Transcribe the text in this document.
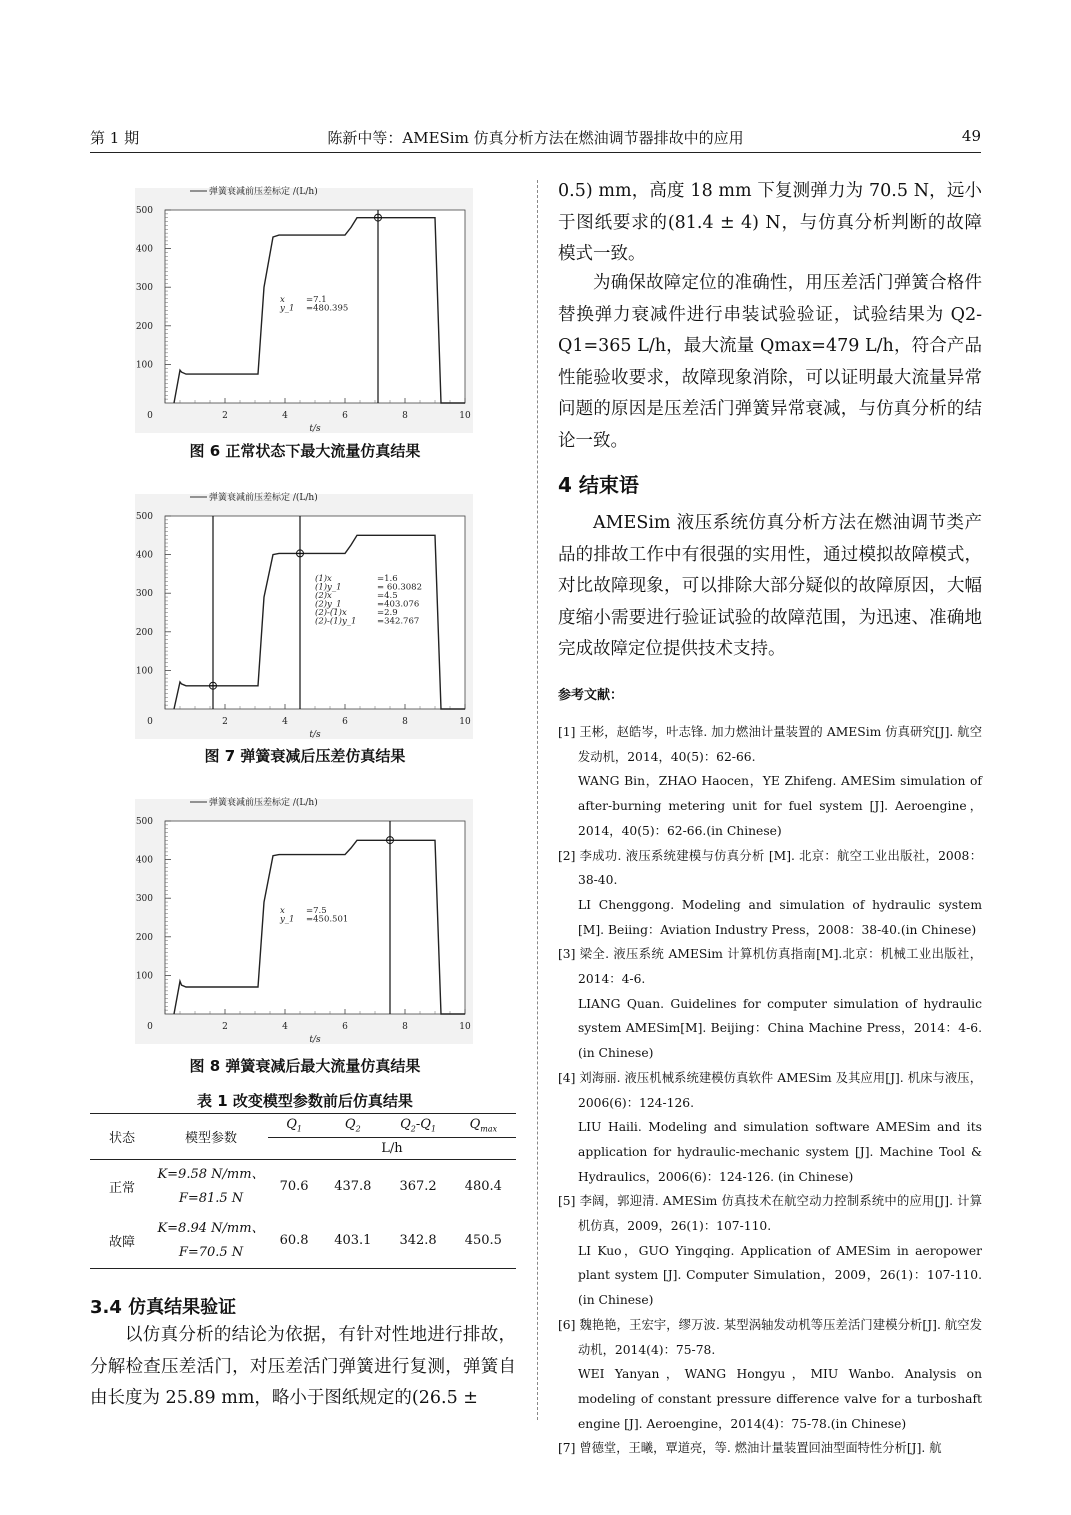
第 1 期	陈新中等：AMESim 仿真分析方法在燃油调节器排故中的应用	49
弹簧衰减前压差标定 /(L/h)
100
200
300
400
500
0	2	4	6	8	10
t/s
x =7.1
y_1 =480.395
图 6 正常状态下最大流量仿真结果
弹簧衰减前压差标定 /(L/h)
100
200
300
400
500
0	2	4	6	8	10
t/s
(1)x	=1.6
(1)y_1	= 60.3082
(2)x	=4.5
(2)y_1	=403.076
(2)-(1)x	=2.9
(2)-(1)y_1 =342.767
图 7 弹簧衰减后压差仿真结果
弹簧衰减前压差标定 /(L/h)
100
200
300
400
500
0	2	4	6	8	10
t/s
x =7.5
y_1 =450.501
图 8 弹簧衰减后最大流量仿真结果
表 1 改变模型参数前后仿真结果
状态	模型参数	$Q_1$	$Q_2$	$Q_2-Q_1$	$Q_{max}$
		L/h			
正常	K=9.58 N/mm、
F=81.5 N	70.6	437.8	367.2	480.4
故障	K=8.94 N/mm、
F=70.5 N	60.8	403.1	342.8	450.5
3.4 仿真结果验证
以仿真分析的结论为依据，有针对性地进行排故，分解检查压差活门，对压差活门弹簧进行复测，弹簧自由长度为 25.89 mm，略小于图纸规定的(26.5 ±
0.5) mm，高度 18 mm 下复测弹力为 70.5 N，远小于图纸要求的(81.4 ± 4) N，与仿真分析判断的故障模式一致。
为确保故障定位的准确性，用压差活门弹簧合格件替换弹力衰减件进行串装试验验证，试验结果为 Q2-Q1=365 L/h，最大流量 Qmax=479 L/h，符合产品性能验收要求，故障现象消除，可以证明最大流量异常问题的原因是压差活门弹簧异常衰减，与仿真分析的结论一致。
4 结束语
AMESim 液压系统仿真分析方法在燃油调节类产品的排故工作中有很强的实用性，通过模拟故障模式，对比故障现象，可以排除大部分疑似的故障原因，大幅度缩小需要进行验证试验的故障范围，为迅速、准确地完成故障定位提供技术支持。
参考文献：
[1] 王彬，赵皓岑，叶志锋. 加力燃油计量装置的 AMESim 仿真研究[J]. 航空发动机，2014，40(5)：62-66.
WANG Bin，ZHAO Haocen，YE Zhifeng. AMESim simulation of after-burning metering unit for fuel system [J]. Aeroengine，2014，40(5)：62-66.(in Chinese)
[2] 李成功. 液压系统建模与仿真分析 [M]. 北京：航空工业出版社，2008：38-40.
LI Chenggong. Modeling and simulation of hydraulic system [M]. Beiing：Aviation Industry Press，2008：38-40.(in Chinese)
[3] 梁全. 液压系统 AMESim 计算机仿真指南[M].北京：机械工业出版社，2014：4-6.
LIANG Quan. Guidelines for computer simulation of hydraulic system AMESim[M]. Beijing：China Machine Press，2014：4-6.(in Chinese)
[4] 刘海丽. 液压机械系统建模仿真软件 AMESim 及其应用[J]. 机床与液压，2006(6)：124-126.
LIU Haili. Modeling and simulation software AMESim and its application for hydraulic-mechanic system [J]. Machine Tool & Hydraulics，2006(6)：124-126. (in Chinese)
[5] 李阔，郭迎清. AMESim 仿真技术在航空动力控制系统中的应用[J]. 计算机仿真，2009，26(1)：107-110.
LI Kuo，GUO Yingqing. Application of AMESim in aeropower plant system [J]. Computer Simulation，2009，26(1)：107-110.(in Chinese)
[6] 魏艳艳，王宏宇，缪万波. 某型涡轴发动机等压差活门建模分析[J]. 航空发动机，2014(4)：75-78.
WEI Yanyan，WANG Hongyu，MIU Wanbo. Analysis on modeling of constant pressure difference valve for a turboshaft engine [J]. Aeroengine，2014(4)：75-78.(in Chinese)
[7] 曾德堂，王曦，覃道亮，等. 燃油计量装置回油型面特性分析[J]. 航
